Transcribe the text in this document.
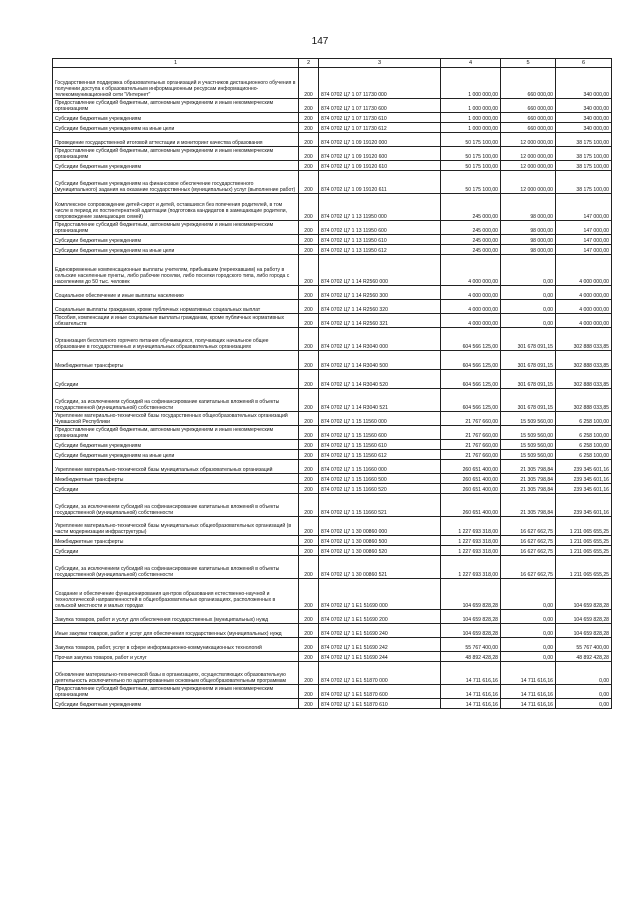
147
1	2	3	4	5	6
Государственная поддержка образовательных организаций и участников дистанционного обучения в получении доступа к образовательным информационным ресурсам информационно-телекоммуникационной сети "Интернет"	200	874 0702 Ц7 1 07 11730 000	1 000 000,00	660 000,00	340 000,00
Предоставление субсидий бюджетным, автономным учреждениям и иным некоммерческим организациям	200	874 0702 Ц7 1 07 11730 600	1 000 000,00	660 000,00	340 000,00
Субсидии бюджетным учреждениям	200	874 0702 Ц7 1 07 11730 610	1 000 000,00	660 000,00	340 000,00
Субсидии бюджетным учреждениям на иные цели	200	874 0702 Ц7 1 07 11730 612	1 000 000,00	660 000,00	340 000,00
Проведение государственной итоговой аттестации и мониторинг качества образования	200	874 0702 Ц7 1 09 19120 000	50 175 100,00	12 000 000,00	38 175 100,00
Предоставление субсидий бюджетным, автономным учреждениям и иным некоммерческим организациям	200	874 0702 Ц7 1 09 19120 600	50 175 100,00	12 000 000,00	38 175 100,00
Субсидии бюджетным учреждениям	200	874 0702 Ц7 1 09 19120 610	50 175 100,00	12 000 000,00	38 175 100,00
Субсидии бюджетным учреждениям на финансовое обеспечение государственного (муниципального) задания на оказание государственных (муниципальных) услуг (выполнение работ)	200	874 0702 Ц7 1 09 19120 611	50 175 100,00	12 000 000,00	38 175 100,00
Комплексное сопровождение детей-сирот и детей, оставшихся без попечения родителей, в том числе в период их постинтернатной адаптации (подготовка кандидатов в замещающие родители, сопровождение замещающих семей)	200	874 0702 Ц7 1 13 11950 000	245 000,00	98 000,00	147 000,00
Предоставление субсидий бюджетным, автономным учреждениям и иным некоммерческим организациям	200	874 0702 Ц7 1 13 11950 600	245 000,00	98 000,00	147 000,00
Субсидии бюджетным учреждениям	200	874 0702 Ц7 1 13 11950 610	245 000,00	98 000,00	147 000,00
Субсидии бюджетным учреждениям на иные цели	200	874 0702 Ц7 1 13 11950 612	245 000,00	98 000,00	147 000,00
Единовременные компенсационные выплаты учителям, прибывшим (переехавшим) на работу в сельские населенные пункты, либо рабочие поселки, либо поселки городского типа, либо города с населением до 50 тыс. человек	200	874 0702 Ц7 1 14 R2560 000	4 000 000,00	0,00	4 000 000,00
Социальное обеспечение и иные выплаты населению	200	874 0702 Ц7 1 14 R2560 300	4 000 000,00	0,00	4 000 000,00
Социальные выплаты гражданам, кроме публичных нормативных социальных выплат	200	874 0702 Ц7 1 14 R2560 320	4 000 000,00	0,00	4 000 000,00
Пособия, компенсации и иные социальные выплаты гражданам, кроме публичных нормативных обязательств	200	874 0702 Ц7 1 14 R2560 321	4 000 000,00	0,00	4 000 000,00
Организация бесплатного горячего питания обучающихся, получающих начальное общее образование в государственных и муниципальных образовательных организациях	200	874 0702 Ц7 1 14 R3040 000	604 566 125,00	301 678 091,15	302 888 033,85
Межбюджетные трансферты	200	874 0702 Ц7 1 14 R3040 500	604 566 125,00	301 678 091,15	302 888 033,85
Субсидии	200	874 0702 Ц7 1 14 R3040 520	604 566 125,00	301 678 091,15	302 888 033,85
Субсидии, за исключением субсидий на софинансирование капитальных вложений в объекты государственной (муниципальной) собственности	200	874 0702 Ц7 1 14 R3040 521	604 566 125,00	301 678 091,15	302 888 033,85
Укрепление материально-технической базы государственных общеобразовательных организаций Чувашской Республики	200	874 0702 Ц7 1 15 11560 000	21 767 660,00	15 509 560,00	6 258 100,00
Предоставление субсидий бюджетным, автономным учреждениям и иным некоммерческим организациям	200	874 0702 Ц7 1 15 11560 600	21 767 660,00	15 509 560,00	6 258 100,00
Субсидии бюджетным учреждениям	200	874 0702 Ц7 1 15 11560 610	21 767 660,00	15 509 560,00	6 258 100,00
Субсидии бюджетным учреждениям на иные цели	200	874 0702 Ц7 1 15 11560 612	21 767 660,00	15 509 560,00	6 258 100,00
Укрепление материально-технической базы муниципальных образовательных организаций	200	874 0702 Ц7 1 15 11660 000	260 651 400,00	21 305 798,84	239 345 601,16
Межбюджетные трансферты	200	874 0702 Ц7 1 15 11660 500	260 651 400,00	21 305 798,84	239 345 601,16
Субсидии	200	874 0702 Ц7 1 15 11660 520	260 651 400,00	21 305 798,84	239 345 601,16
Субсидии, за исключением субсидий на софинансирование капитальных вложений в объекты государственной (муниципальной) собственности	200	874 0702 Ц7 1 15 11660 521	260 651 400,00	21 305 798,84	239 345 601,16
Укрепление материально-технической базы муниципальных общеобразовательных организаций (в части модернизации инфраструктуры)	200	874 0702 Ц7 1 30 00860 000	1 227 693 318,00	16 627 662,75	1 211 065 655,25
Межбюджетные трансферты	200	874 0702 Ц7 1 30 00860 500	1 227 693 318,00	16 627 662,75	1 211 065 655,25
Субсидии	200	874 0702 Ц7 1 30 00860 520	1 227 693 318,00	16 627 662,75	1 211 065 655,25
Субсидии, за исключением субсидий на софинансирование капитальных вложений в объекты государственной (муниципальной) собственности	200	874 0702 Ц7 1 30 00860 521	1 227 693 318,00	16 627 662,75	1 211 065 655,25
Создание и обеспечение функционирования центров образования естественно-научной и технологической направленностей в общеобразовательных организациях, расположенных в сельской местности и малых городах	200	874 0702 Ц7 1 Е1 51690 000	104 659 828,28	0,00	104 659 828,28
Закупка товаров, работ и услуг для обеспечения государственных (муниципальных) нужд	200	874 0702 Ц7 1 Е1 51690 200	104 659 828,28	0,00	104 659 828,28
Иные закупки товаров, работ и услуг для обеспечения государственных (муниципальных) нужд	200	874 0702 Ц7 1 Е1 51690 240	104 659 828,28	0,00	104 659 828,28
Закупка товаров, работ, услуг в сфере информационно-коммуникационных технологий	200	874 0702 Ц7 1 Е1 51690 242	55 767 400,00	0,00	55 767 400,00
Прочая закупка товаров, работ и услуг	200	874 0702 Ц7 1 Е1 51690 244	48 892 428,28	0,00	48 892 428,28
Обновление материально-технической базы в организациях, осуществляющих образовательную деятельность исключительно по адаптированным основным общеобразовательным программам	200	874 0702 Ц7 1 Е1 51870 000	14 711 616,16	14 711 616,16	0,00
Предоставление субсидий бюджетным, автономным учреждениям и иным некоммерческим организациям	200	874 0702 Ц7 1 Е1 51870 600	14 711 616,16	14 711 616,16	0,00
Субсидии бюджетным учреждениям	200	874 0702 Ц7 1 Е1 51870 610	14 711 616,16	14 711 616,16	0,00
